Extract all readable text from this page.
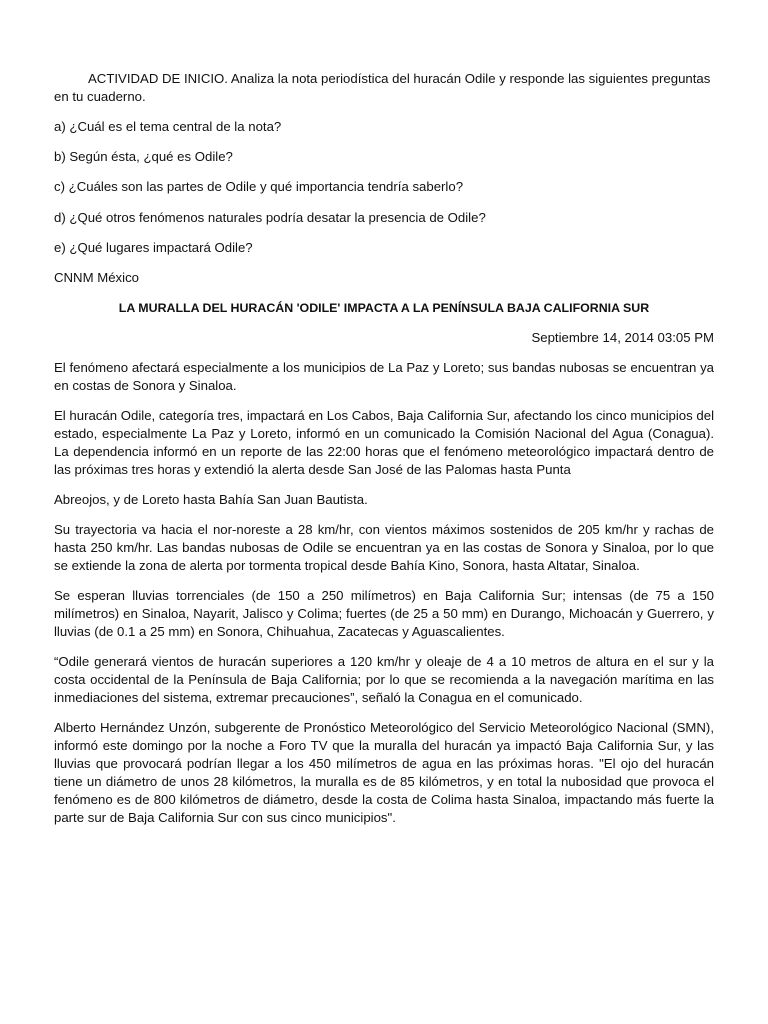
ACTIVIDAD DE INICIO. Analiza la nota periodística del huracán Odile y responde las siguientes preguntas en tu cuaderno.

a) ¿Cuál es el tema central de la nota?

b) Según ésta, ¿qué es Odile?

c) ¿Cuáles son las partes de Odile y qué importancia tendría saberlo?

d) ¿Qué otros fenómenos naturales podría desatar la presencia de Odile?

e) ¿Qué lugares impactará Odile?

CNNM México

LA MURALLA DEL HURACÁN 'ODILE' IMPACTA A LA PENÍNSULA BAJA CALIFORNIA SUR

Septiembre 14, 2014 03:05 PM

El fenómeno afectará especialmente a los municipios de La Paz y Loreto; sus bandas nubosas se encuentran ya en costas de Sonora y Sinaloa.

El huracán Odile, categoría tres, impactará en Los Cabos, Baja California Sur, afectando los cinco municipios del estado, especialmente La Paz y Loreto, informó en un comunicado la Comisión Nacional del Agua (Conagua). La dependencia informó en un reporte de las 22:00 horas que el fenómeno meteorológico impactará dentro de las próximas tres horas y extendió la alerta desde San José de las Palomas hasta Punta

Abreojos, y de Loreto hasta Bahía San Juan Bautista.

Su trayectoria va hacia el nor-noreste a 28 km/hr, con vientos máximos sostenidos de 205 km/hr y rachas de hasta 250 km/hr. Las bandas nubosas de Odile se encuentran ya en las costas de Sonora y Sinaloa, por lo que se extiende la zona de alerta por tormenta tropical desde Bahía Kino, Sonora, hasta Altatar, Sinaloa.

Se esperan lluvias torrenciales (de 150 a 250 milímetros) en Baja California Sur; intensas (de 75 a 150 milímetros) en Sinaloa, Nayarit, Jalisco y Colima; fuertes (de 25 a 50 mm) en Durango, Michoacán y Guerrero, y lluvias (de 0.1 a 25 mm) en Sonora, Chihuahua, Zacatecas y Aguascalientes.

“Odile generará vientos de huracán superiores a 120 km/hr y oleaje de 4 a 10 metros de altura en el sur y la costa occidental de la Península de Baja California; por lo que se recomienda a la navegación marítima en las inmediaciones del sistema, extremar precauciones”, señaló la Conagua en el comunicado.

Alberto Hernández Unzón, subgerente de Pronóstico Meteorológico del Servicio Meteorológico Nacional (SMN), informó este domingo por la noche a Foro TV que la muralla del huracán ya impactó Baja California Sur, y las lluvias que provocará podrían llegar a los 450 milímetros de agua en las próximas horas. "El ojo del huracán tiene un diámetro de unos 28 kilómetros, la muralla es de 85 kilómetros, y en total la nubosidad que provoca el fenómeno es de 800 kilómetros de diámetro, desde la costa de Colima hasta Sinaloa, impactando más fuerte la parte sur de Baja California Sur con sus cinco municipios".
